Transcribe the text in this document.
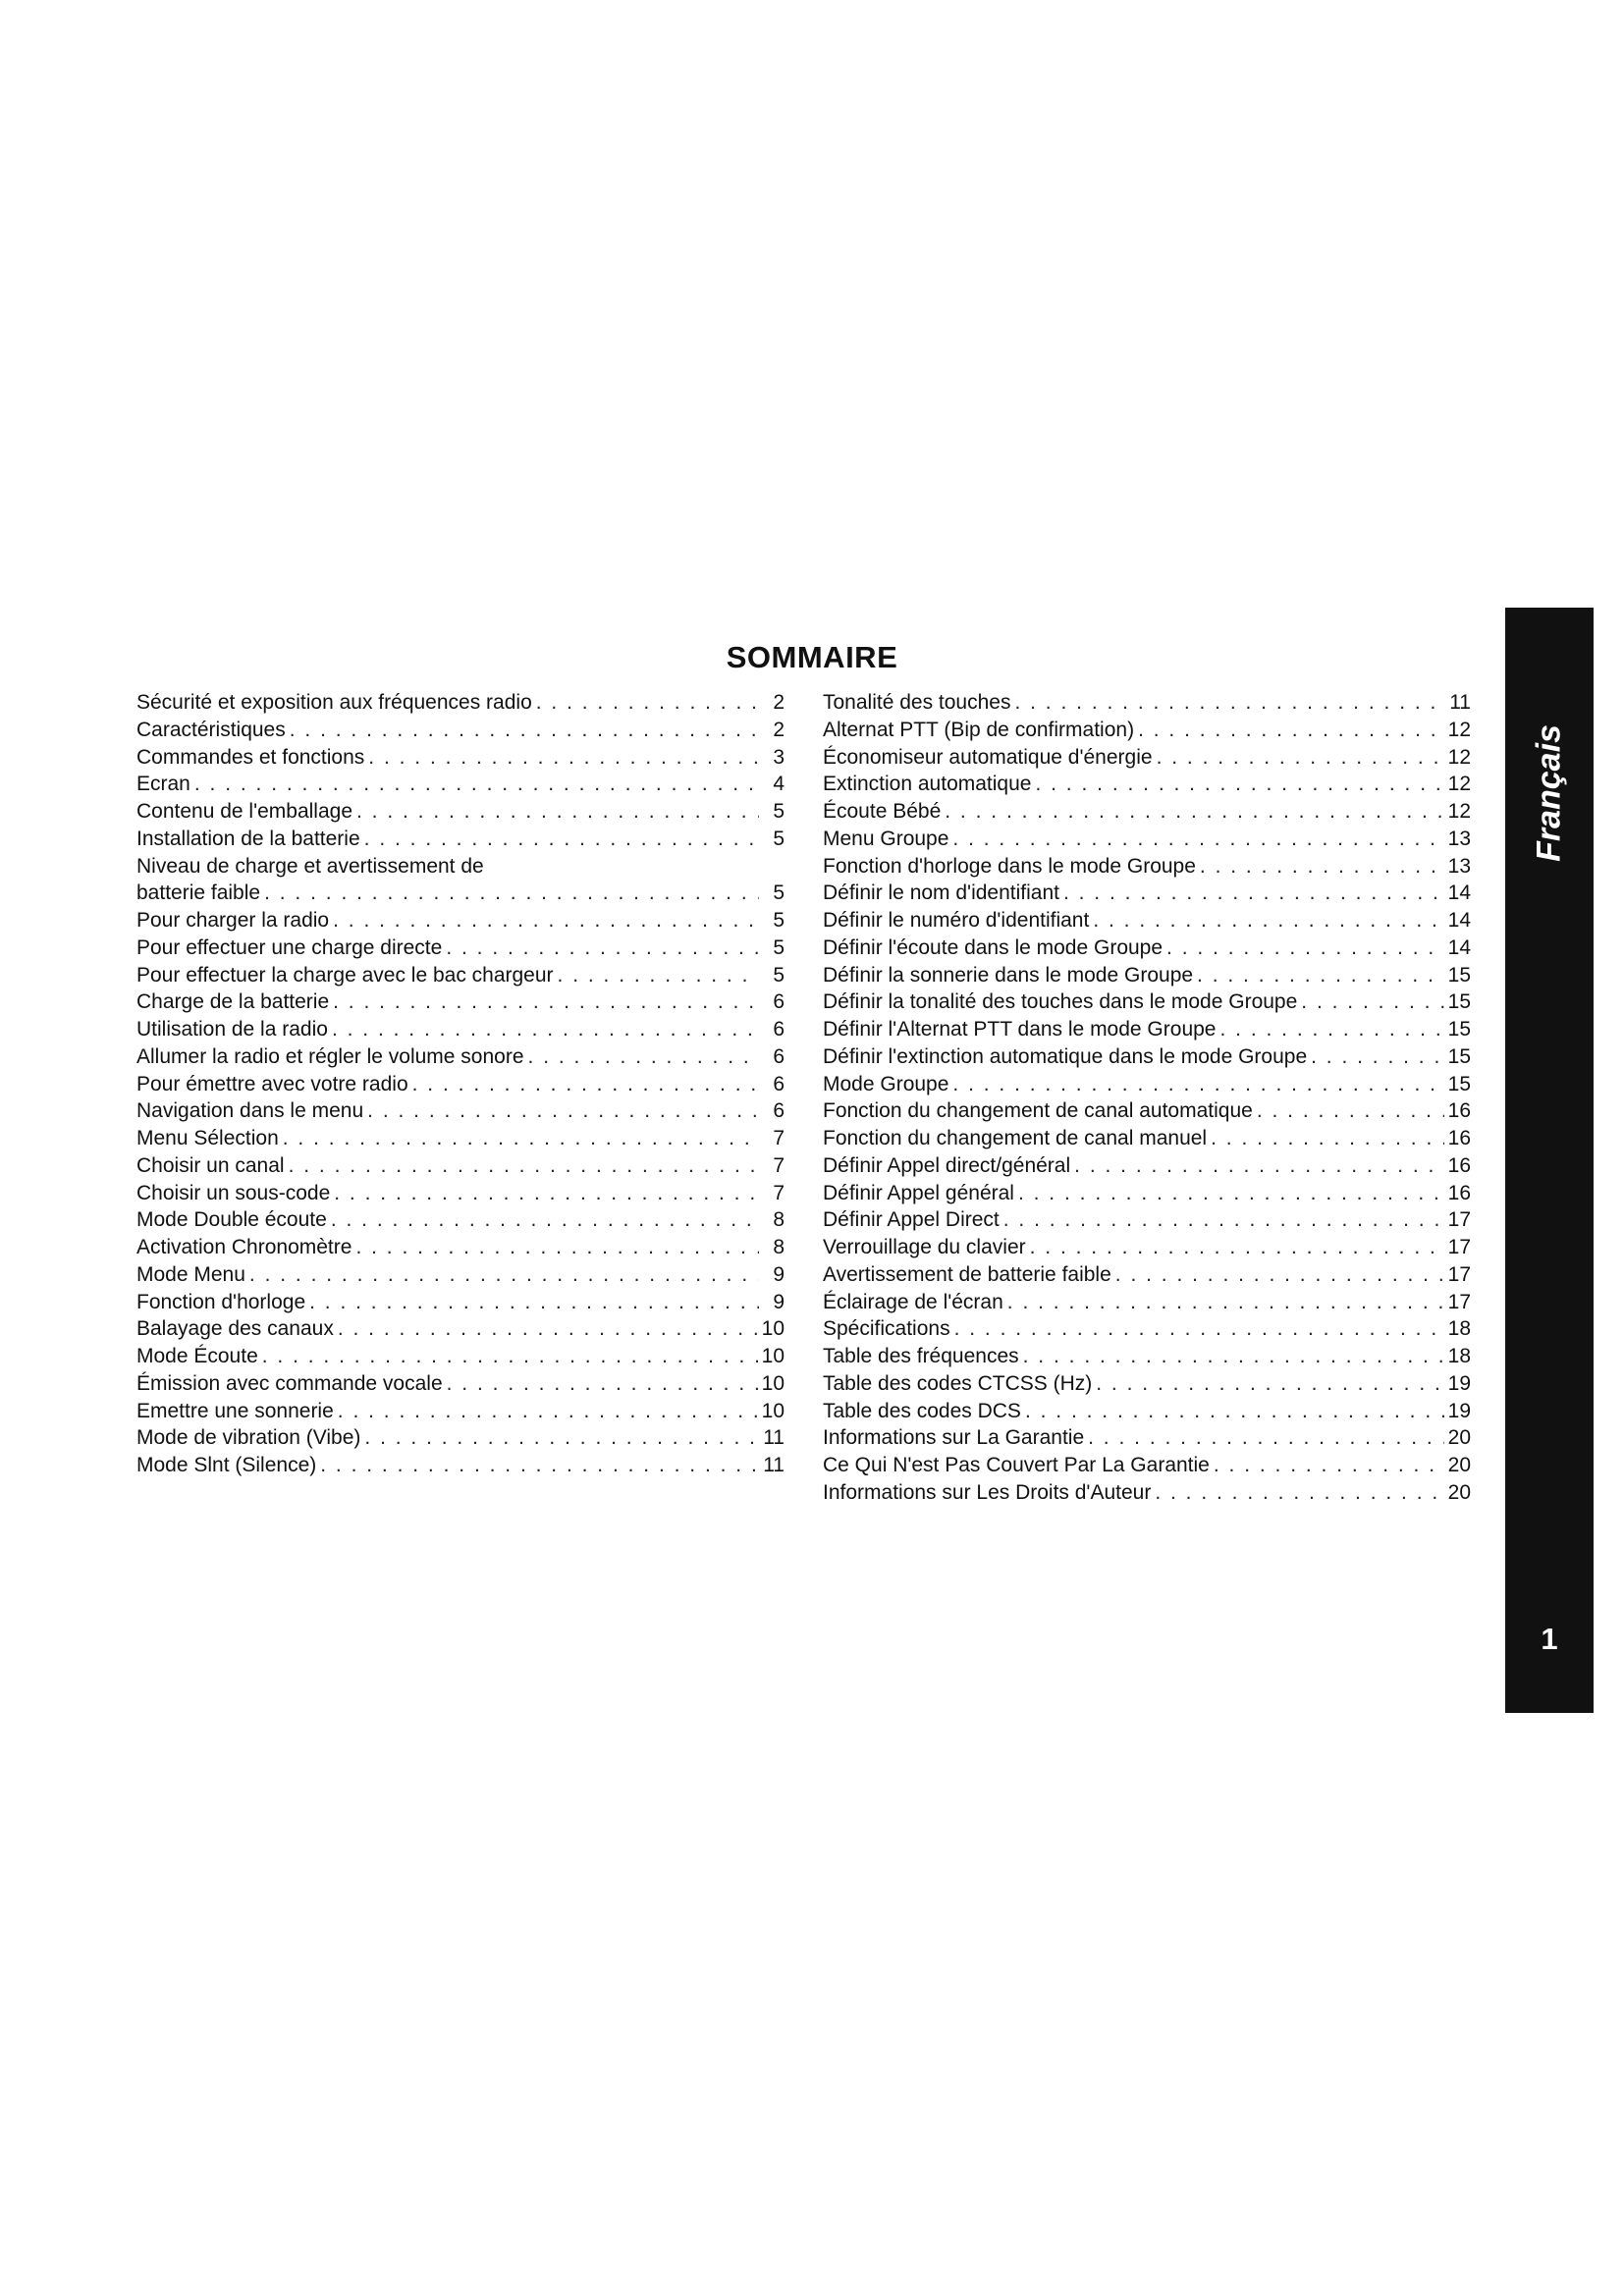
SOMMAIRE
Sécurité et exposition aux fréquences radio . . .	2
Caractéristiques . . .	2
Commandes et fonctions . . .	3
Ecran . . .	4
Contenu de l'emballage . . .	5
Installation de la batterie . . .	5
Niveau de charge et avertissement de
batterie faible . . .	5
Pour charger la radio . . .	5
Pour effectuer une charge directe . . .	5
Pour effectuer la charge avec le bac chargeur . . .	5
Charge de la batterie . . .	6
Utilisation de la radio . . .	6
Allumer la radio et régler le volume sonore . . .	6
Pour émettre avec votre radio . . .	6
Navigation dans le menu . . .	6
Menu Sélection . . .	7
Choisir un canal . . .	7
Choisir un sous-code . . .	7
Mode Double écoute . . .	8
Activation Chronomètre . . .	8
Mode Menu . . .	9
Fonction d'horloge . . .	9
Balayage des canaux . . .	10
Mode Écoute . . .	10
Émission avec commande vocale . . .	10
Emettre une sonnerie . . .	10
Mode de vibration (Vibe) . . .	11
Mode Slnt (Silence) . . .	11
Tonalité des touches . . .	11
Alternat PTT (Bip de confirmation) . . .	12
Économiseur automatique d'énergie . . .	12
Extinction automatique . . .	12
Écoute Bébé . . .	12
Menu Groupe . . .	13
Fonction d'horloge dans le mode Groupe . . .	13
Définir le nom d'identifiant . . .	14
Définir le numéro d'identifiant . . .	14
Définir l'écoute dans le mode Groupe . . .	14
Définir la sonnerie dans le mode Groupe . . .	15
Définir la tonalité des touches dans le mode Groupe . . .	15
Définir l'Alternat PTT dans le mode Groupe . . .	15
Définir l'extinction automatique dans le mode Groupe . . .	15
Mode Groupe . . .	15
Fonction du changement de canal automatique . . .	16
Fonction du changement de canal manuel . . .	16
Définir Appel direct/général . . .	16
Définir Appel général . . .	16
Définir Appel Direct . . .	17
Verrouillage du clavier . . .	17
Avertissement de batterie faible . . .	17
Éclairage de l'écran . . .	17
Spécifications . . .	18
Table des fréquences . . .	18
Table des codes CTCSS (Hz) . . .	19
Table des codes DCS . . .	19
Informations sur La Garantie . . .	20
Ce Qui N'est Pas Couvert Par La Garantie . . .	20
Informations sur Les Droits d'Auteur . . .	20
Français
1
